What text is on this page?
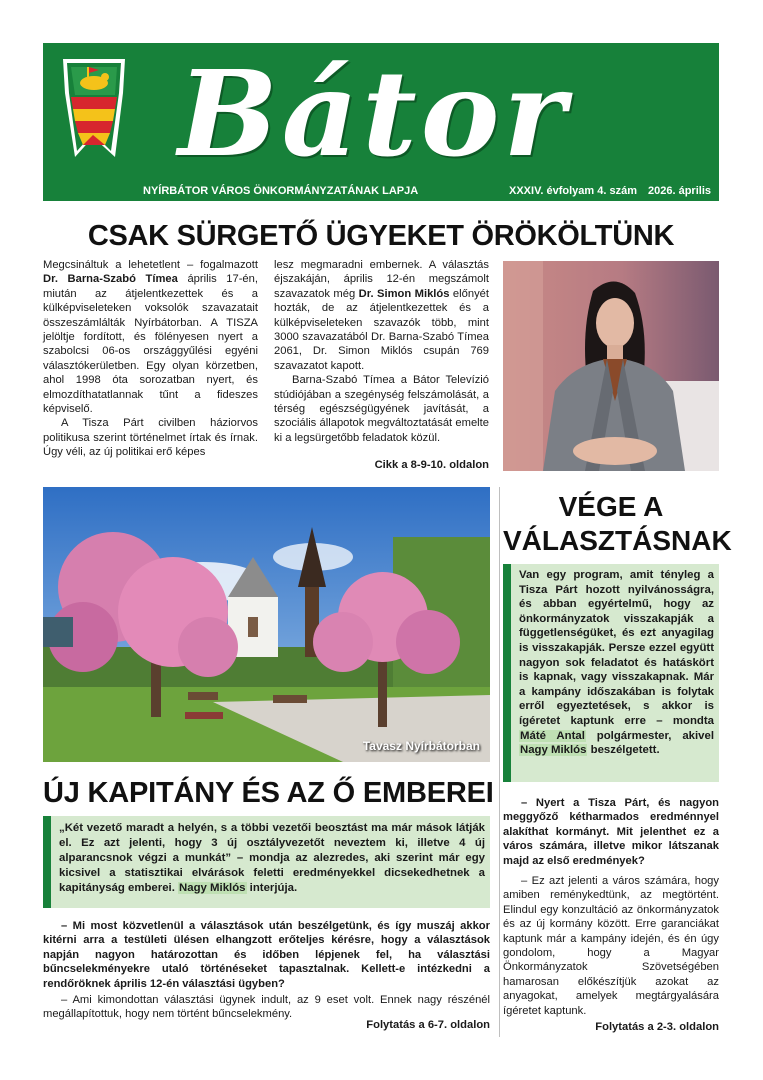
Bátor
NYÍRBÁTOR VÁROS ÖNKORMÁNYZATÁNAK LAPJA	XXXIV. évfolyam 4. szám 2026. április
CSAK SÜRGETŐ ÜGYEKET ÖRÖKÖLTÜNK

Megcsináltuk a lehetetlent – fogalmazott Dr. Barna-Szabó Tímea április 17-én, miután az átjelentkezettek és a külképviseleteken voksolók szavazatait összeszámlálták Nyírbátorban. A TISZA jelöltje fordított, és fölényesen nyert a szabolcsi 06-os országgyűlési egyéni választókerületben. Egy olyan körzetben, ahol 1998 óta sorozatban nyert, és elmozdíthatatlannak tűnt a fideszes képviselő.

A Tisza Párt civilben háziorvos politikusa szerint történelmet írtak és írnak. Úgy véli, az új politikai erő képes

lesz megmaradni embernek. A választás éjszakáján, április 12-én megszámolt szavazatok még Dr. Simon Miklós előnyét hozták, de az átjelentkezettek és a külképviseleteken szavazók több, mint 3000 szavazatából Dr. Barna-Szabó Tímea 2061, Dr. Simon Miklós csupán 769 szavazatot kapott.

Barna-Szabó Tímea a Bátor Televízió stúdiójában a szegénység felszámolását, a térség egészségügyének javítását, a szociális állapotok megváltoztatását emelte ki a legsürgetőbb feladatok közül.

Cikk a 8-9-10. oldalon
Tavasz Nyírbátorban
VÉGE A
VÁLASZTÁSNAK
Van egy program, amit tényleg a Tisza Párt hozott nyilvánosságra, és abban egyértelmű, hogy az önkormányzatok visszakapják a függetlenségüket, és ezt anyagilag is visszakapják. Persze ezzel együtt nagyon sok feladatot és hatáskört is kapnak, vagy visszakapnak. Már a kampány időszakában is folytak erről egyeztetések, s akkor is ígéretet kaptunk erre – mondta Máté Antal polgármester, akivel Nagy Miklós beszélgetett.

– Nyert a Tisza Párt, és nagyon meggyőző kétharmados eredménnyel alakíthat kormányt. Mit jelenthet ez a város számára, illetve mikor látszanak majd az első eredmények?

– Ez azt jelenti a város számára, hogy amiben reménykedtünk, az megtörtént. Elindul egy konzultáció az önkormányzatok és az új kormány között. Erre garanciákat kaptunk már a kampány idején, és én úgy gondolom, hogy a Magyar Önkormányzatok Szövetségében hamarosan előkészítjük azokat az anyagokat, amelyek megtárgyalására ígéretet kaptunk.

Folytatás a 2-3. oldalon
ÚJ KAPITÁNY ÉS AZ Ő EMBEREI
„Két vezető maradt a helyén, s a többi vezetői beosztást ma már mások látják el. Ez azt jelenti, hogy 3 új osztályvezetőt neveztem ki, illetve 4 új alparancsnok végzi a munkát” – mondja az alezredes, aki szerint már egy kicsivel a statisztikai elvárások feletti eredményekkel dicsekedhetnek a kapitányság emberei. Nagy Miklós interjúja.

– Mi most közvetlenül a választások után beszélgetünk, és így muszáj akkor kitérni arra a testületi ülésen elhangzott erőteljes kérésre, hogy a választások napján nagyon határozottan és időben lépjenek fel, ha választási bűncselekményekre utaló történéseket tapasztalnak. Kellett-e intézkedni a rendőröknek április 12-én választási ügyben?

– Ami kimondottan választási ügynek indult, az 9 eset volt. Ennek nagy részénél megállapítottuk, hogy nem történt bűncselekmény.

Folytatás a 6-7. oldalon
